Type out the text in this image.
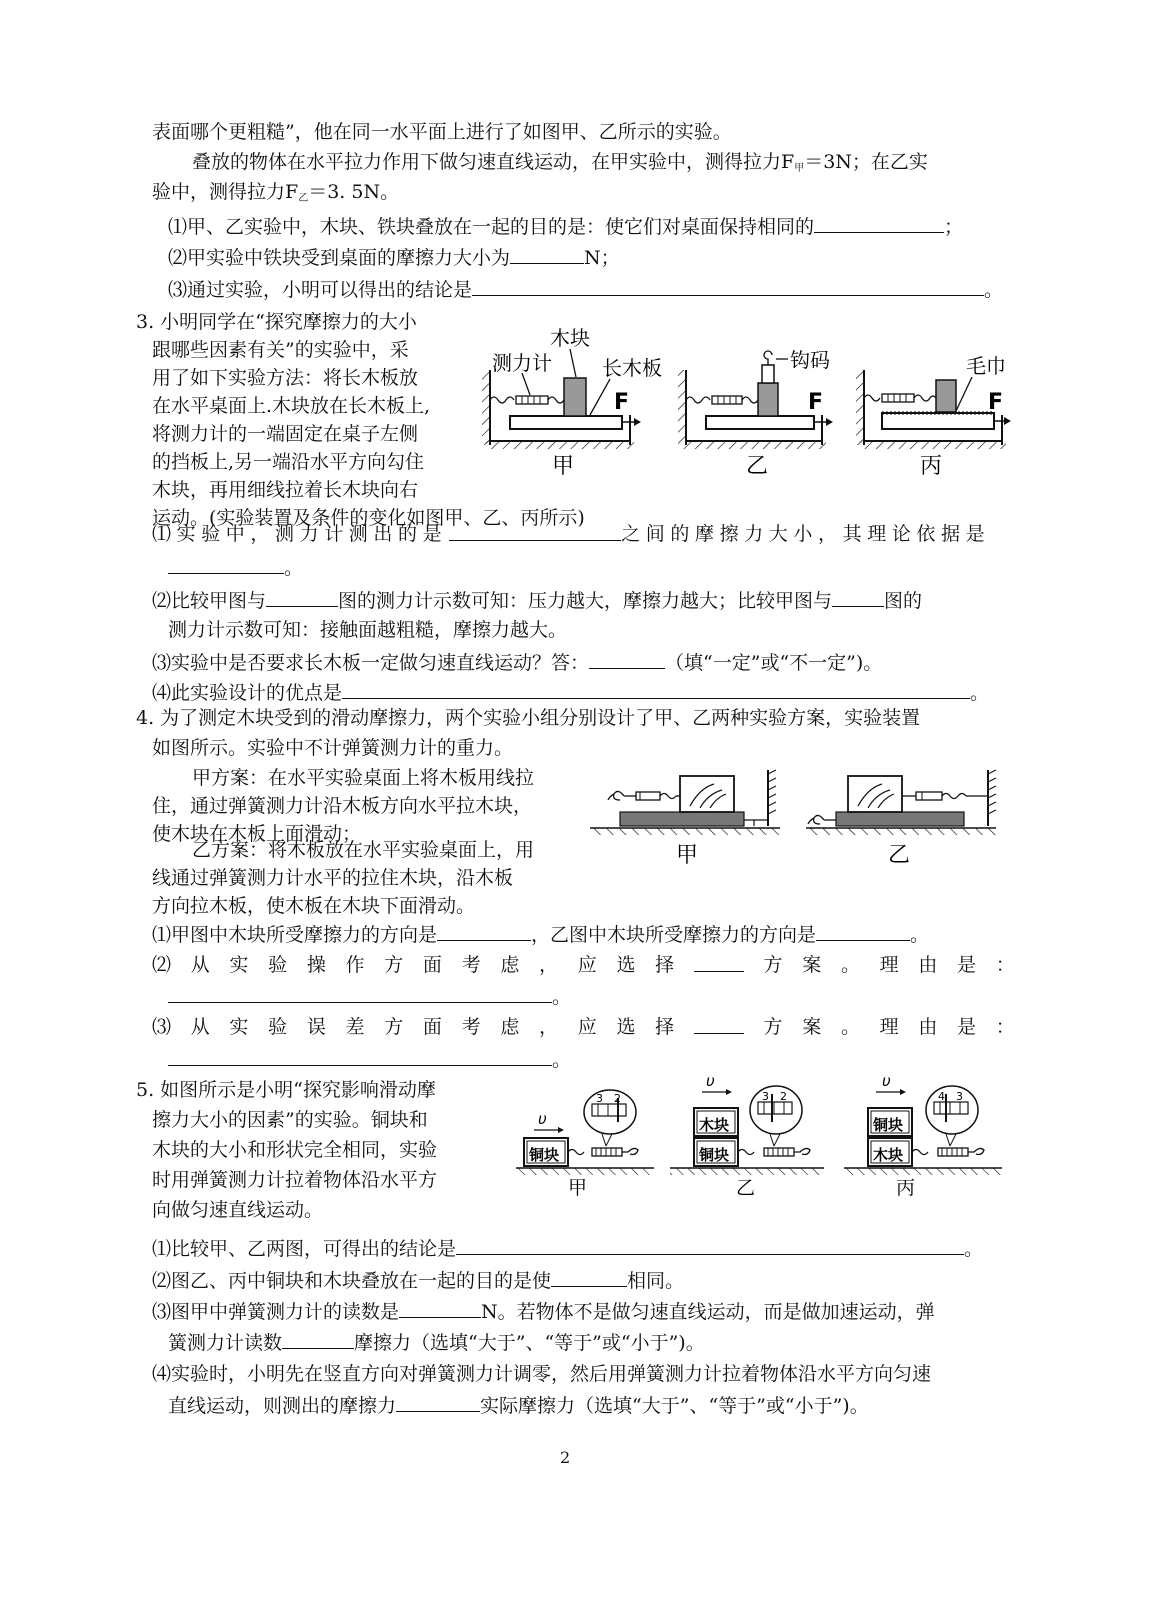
表面哪个更粗糙”，他在同一水平面上进行了如图甲、乙所示的实验。
叠放的物体在水平拉力作用下做匀速直线运动，在甲实验中，测得拉力$F_甲=3N$；在乙实
验中，测得拉力$F_乙=3$. 5N。
⑴甲、乙实验中，木块、铁块叠放在一起的目的是：使它们对桌面保持相同的	；
⑵甲实验中铁块受到桌面的摩擦力大小为	N；
⑶通过实验，小明可以得出的结论是	。
3. 小明同学在“探究摩擦力的大小
跟哪些因素有关”的实验中，采
用了如下实验方法：将长木板放
在水平桌面上.木块放在长木板上,
将测力计的一端固定在桌子左侧
的挡板上,另一端沿水平方向勾住
木块，再用细线拉着长木块向右
运动。(实验装置及条件的变化如图甲、乙、丙所示)
F
木块
测力计	长木板
甲
钩码
F
乙
毛巾
F
丙
⑴实验中，测力计测出的是	之间的摩擦力大小，其理论依据是
。
⑵比较甲图与	图的测力计示数可知：压力越大，摩擦力越大；比较甲图与	图的
测力计示数可知：接触面越粗糙，摩擦力越大。
⑶实验中是否要求长木板一定做匀速直线运动？答：	（填“一定”或“不一定”)。
⑷此实验设计的优点是	。
4. 为了测定木块受到的滑动摩擦力，两个实验小组分别设计了甲、乙两种实验方案，实验装置
如图所示。实验中不计弹簧测力计的重力。
甲方案：在水平实验桌面上将木板用线拉
住，通过弹簧测力计沿木板方向水平拉木块，
使木块在木板上面滑动；
乙方案：将木板放在水平实验桌面上，用
线通过弹簧测力计水平的拉住木块，沿木板
方向拉木板，使木板在木块下面滑动。
甲	乙
⑴甲图中木块所受摩擦力的方向是	，乙图中木块所受摩擦力的方向是	。
⑵ 从 实 验 操 作 方 面 考 虑 ， 应 选 择	方 案 。 理 由 是 ：
。
⑶ 从 实 验 误 差 方 面 考 虑 ， 应 选 择	方 案 。 理 由 是 ：
。
5. 如图所示是小明“探究影响滑动摩
擦力大小的因素”的实验。铜块和
木块的大小和形状完全相同，实验
时用弹簧测力计拉着物体沿水平方
向做匀速直线运动。
铜块
υ
3 2
甲
铜块
木块
υ
3 2
乙
木块
铜块
υ
4 3
丙
⑴比较甲、乙两图，可得出的结论是	。
⑵图乙、丙中铜块和木块叠放在一起的目的是使	相同。
⑶图甲中弹簧测力计的读数是	N。若物体不是做匀速直线运动，而是做加速运动，弹
簧测力计读数	摩擦力（选填“大于”、“等于”或“小于”)。
⑷实验时，小明先在竖直方向对弹簧测力计调零，然后用弹簧测力计拉着物体沿水平方向匀速
直线运动，则测出的摩擦力	实际摩擦力（选填“大于”、“等于”或“小于”)。
2
